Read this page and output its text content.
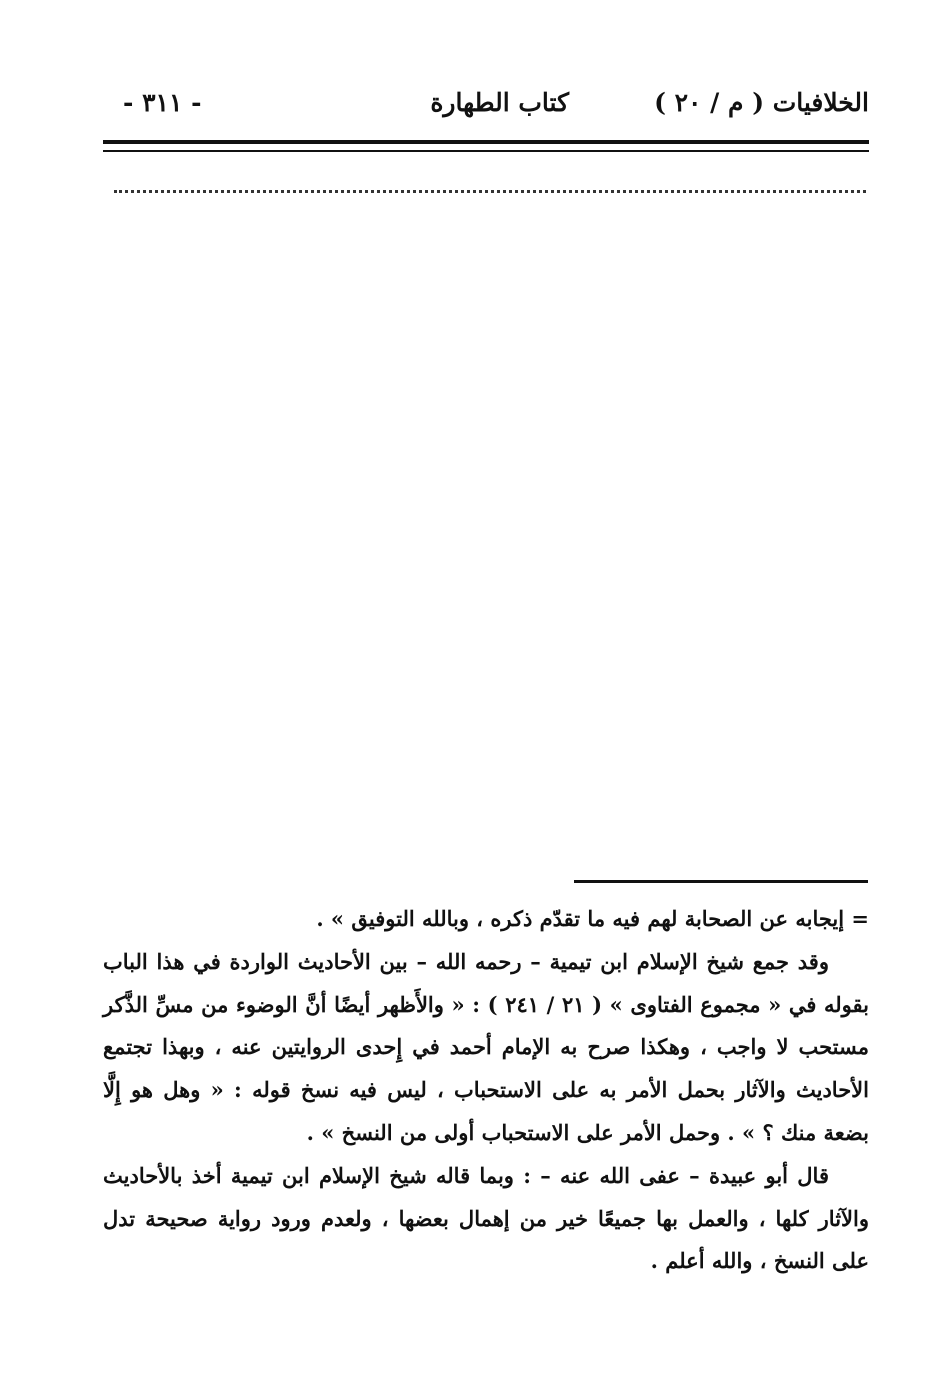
الخلافيات ( م / ٢٠ )
كتاب الطهارة
- ٣١١ -

= إيجابه عن الصحابة لهم فيه ما تقدّم ذكره ، وبالله التوفيق » .

وقد جمع شيخ الإسلام ابن تيمية – رحمه الله – بين الأحاديث الواردة في هذا الباب بقوله في « مجموع الفتاوى » ( ٢١ / ٢٤١ ) : « والأَظهر أيضًا أنَّ الوضوء من مسِّ الذَّكر مستحب لا واجب ، وهكذا صرح به الإمام أحمد في إِحدى الروايتين عنه ، وبهذا تجتمع الأحاديث والآثار بحمل الأمر به على الاستحباب ، ليس فيه نسخ قوله : « وهل هو إِلَّا بضعة منك ؟ » . وحمل الأمر على الاستحباب أولى من النسخ » .

قال أبو عبيدة – عفى الله عنه – : وبما قاله شيخ الإسلام ابن تيمية أخذ بالأحاديث والآثار كلها ، والعمل بها جميعًا خير من إهمال بعضها ، ولعدم ورود رواية صحيحة تدل على النسخ ، والله أعلم .
